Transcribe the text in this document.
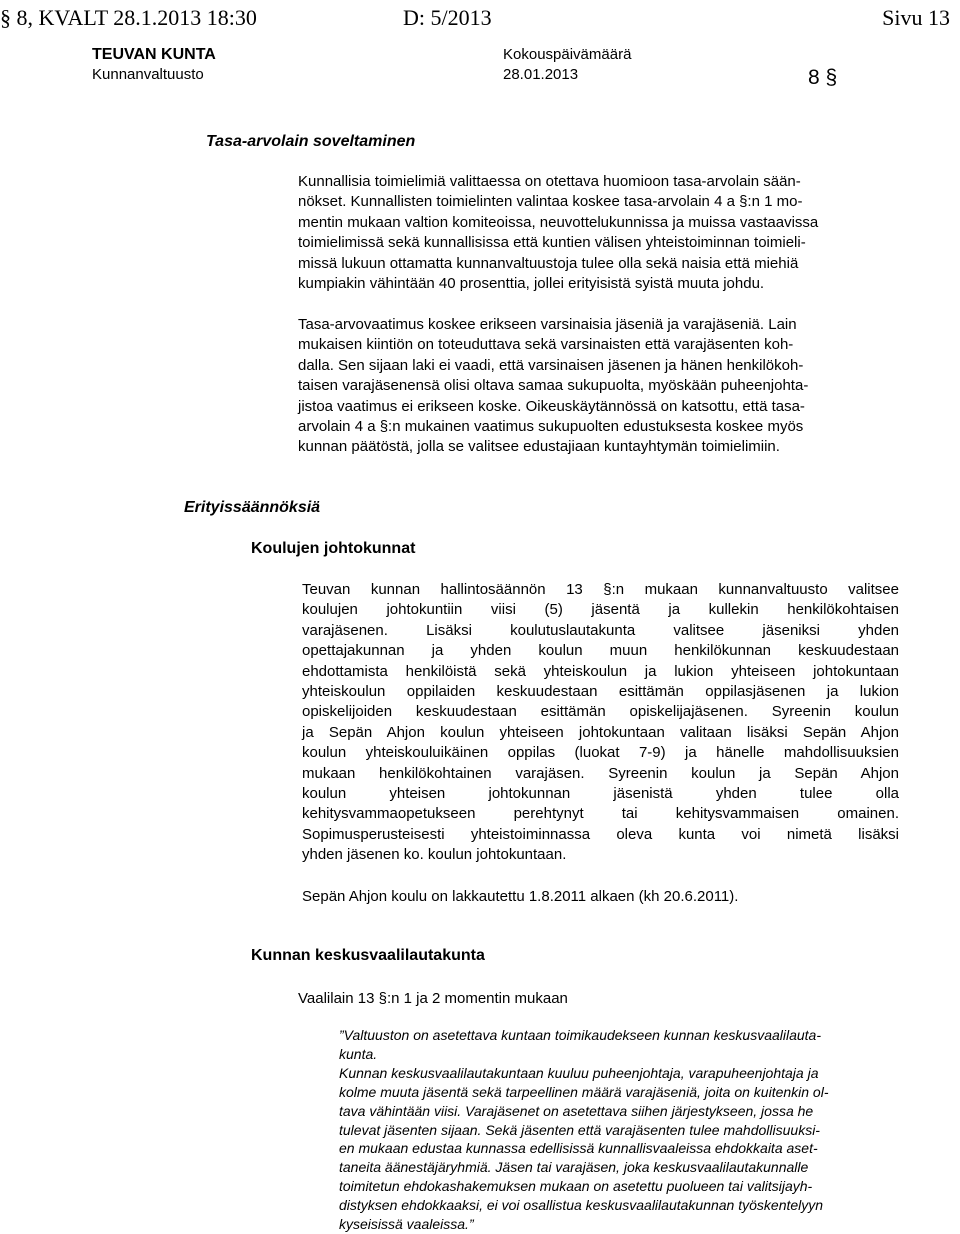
§ 8, KVALT 28.1.2013 18:30	D: 5/2013	Sivu 13
TEUVAN KUNTA
Kunnanvaltuusto
Kokouspäivämäärä
28.01.2013	8 §
Tasa-arvolain soveltaminen
Kunnallisia toimielimiä valittaessa on otettava huomioon tasa-arvolain sään-
nökset. Kunnallisten toimielinten valintaa koskee tasa-arvolain 4 a §:n 1 mo-
mentin mukaan valtion komiteoissa, neuvottelukunnissa ja muissa vastaavissa
toimielimissä sekä kunnallisissa että kuntien välisen yhteistoiminnan toimieli-
missä lukuun ottamatta kunnanvaltuustoja tulee olla sekä naisia että miehiä
kumpiakin vähintään 40 prosenttia, jollei erityisistä syistä muuta johdu.
Tasa-arvovaatimus koskee erikseen varsinaisia jäseniä ja varajäseniä. Lain
mukaisen kiintiön on toteuduttava sekä varsinaisten että varajäsenten koh-
dalla. Sen sijaan laki ei vaadi, että varsinaisen jäsenen ja hänen henkilökoh-
taisen varajäsenensä olisi oltava samaa sukupuolta, myöskään puheenjohta-
jistoa vaatimus ei erikseen koske. Oikeuskäytännössä on katsottu, että tasa-
arvolain 4 a §:n mukainen vaatimus sukupuolten edustuksesta koskee myös
kunnan päätöstä, jolla se valitsee edustajiaan kuntayhtymän toimielimiin.
Erityissäännöksiä
Koulujen johtokunnat
Teuvan kunnan hallintosäännön 13 §:n mukaan kunnanvaltuusto valitsee
koulujen johtokuntiin viisi (5) jäsentä ja kullekin henkilökohtaisen
varajäsenen. Lisäksi koulutuslautakunta valitsee jäseniksi yhden
opettajakunnan ja yhden koulun muun henkilökunnan keskuudestaan
ehdottamista henkilöistä sekä yhteiskoulun ja lukion yhteiseen johtokuntaan
yhteiskoulun oppilaiden keskuudestaan esittämän oppilasjäsenen ja lukion
opiskelijoiden keskuudestaan esittämän opiskelijajäsenen. Syreenin koulun
ja Sepän Ahjon koulun yhteiseen johtokuntaan valitaan lisäksi Sepän Ahjon
koulun yhteiskouluikäinen oppilas (luokat 7-9) ja hänelle mahdollisuuksien
mukaan henkilökohtainen varajäsen. Syreenin koulun ja Sepän Ahjon
koulun yhteisen johtokunnan jäsenistä yhden tulee olla
kehitysvammaopetukseen perehtynyt tai kehitysvammaisen omainen.
Sopimusperusteisesti yhteistoiminnassa oleva kunta voi nimetä lisäksi
yhden jäsenen ko. koulun johtokuntaan.
Sepän Ahjon koulu on lakkautettu 1.8.2011 alkaen (kh 20.6.2011).
Kunnan keskusvaalilautakunta
Vaalilain 13 §:n 1 ja 2 momentin mukaan
”Valtuuston on asetettava kuntaan toimikaudekseen kunnan keskusvaalilauta-
kunta.
Kunnan keskusvaalilautakuntaan kuuluu puheenjohtaja, varapuheenjohtaja ja
kolme muuta jäsentä sekä tarpeellinen määrä varajäseniä, joita on kuitenkin ol-
tava vähintään viisi. Varajäsenet on asetettava siihen järjestykseen, jossa he
tulevat jäsenten sijaan. Sekä jäsenten että varajäsenten tulee mahdollisuuksi-
en mukaan edustaa kunnassa edellisissä kunnallisvaaleissa ehdokkaita aset-
taneita äänestäjäryhmiä. Jäsen tai varajäsen, joka keskusvaalilautakunnalle
toimitetun ehdokashakemuksen mukaan on asetettu puolueen tai valitsijayh-
distyksen ehdokkaaksi, ei voi osallistua keskusvaalilautakunnan työskentelyyn
kyseisissä vaaleissa.”
